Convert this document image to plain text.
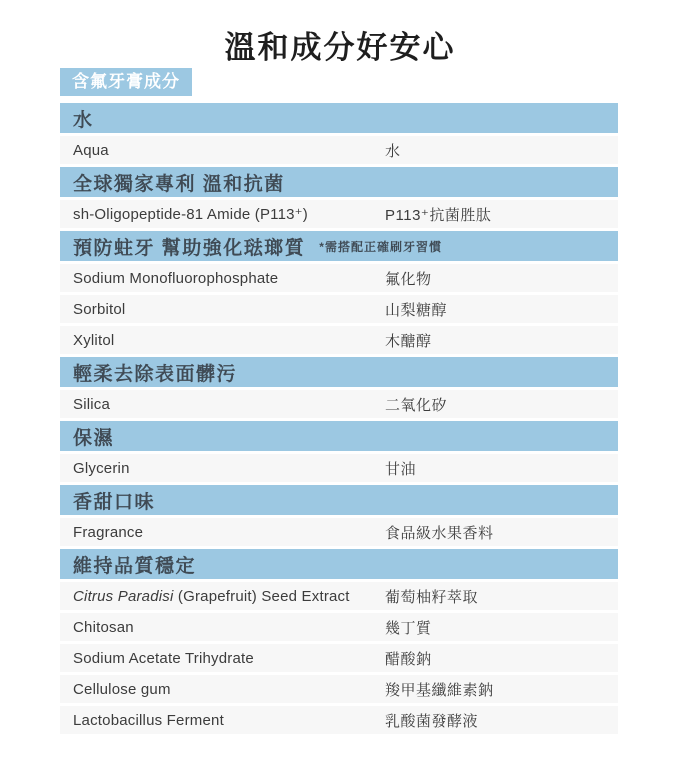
溫和成分好安心
含氟牙膏成分
水
Aqua	水
全球獨家專利 溫和抗菌
sh-Oligopeptide-81 Amide (P113⁺)	P113⁺抗菌胜肽
預防蛀牙 幫助強化琺瑯質 *需搭配正確刷牙習慣
Sodium Monofluorophosphate	氟化物
Sorbitol	山梨糖醇
Xylitol	木醣醇
輕柔去除表面髒污
Silica	二氧化矽
保濕
Glycerin	甘油
香甜口味
Fragrance	食品級水果香料
維持品質穩定
Citrus Paradisi (Grapefruit) Seed Extract	葡萄柚籽萃取
Chitosan	幾丁質
Sodium Acetate Trihydrate	醋酸鈉
Cellulose gum	羧甲基纖維素鈉
Lactobacillus Ferment	乳酸菌發酵液
